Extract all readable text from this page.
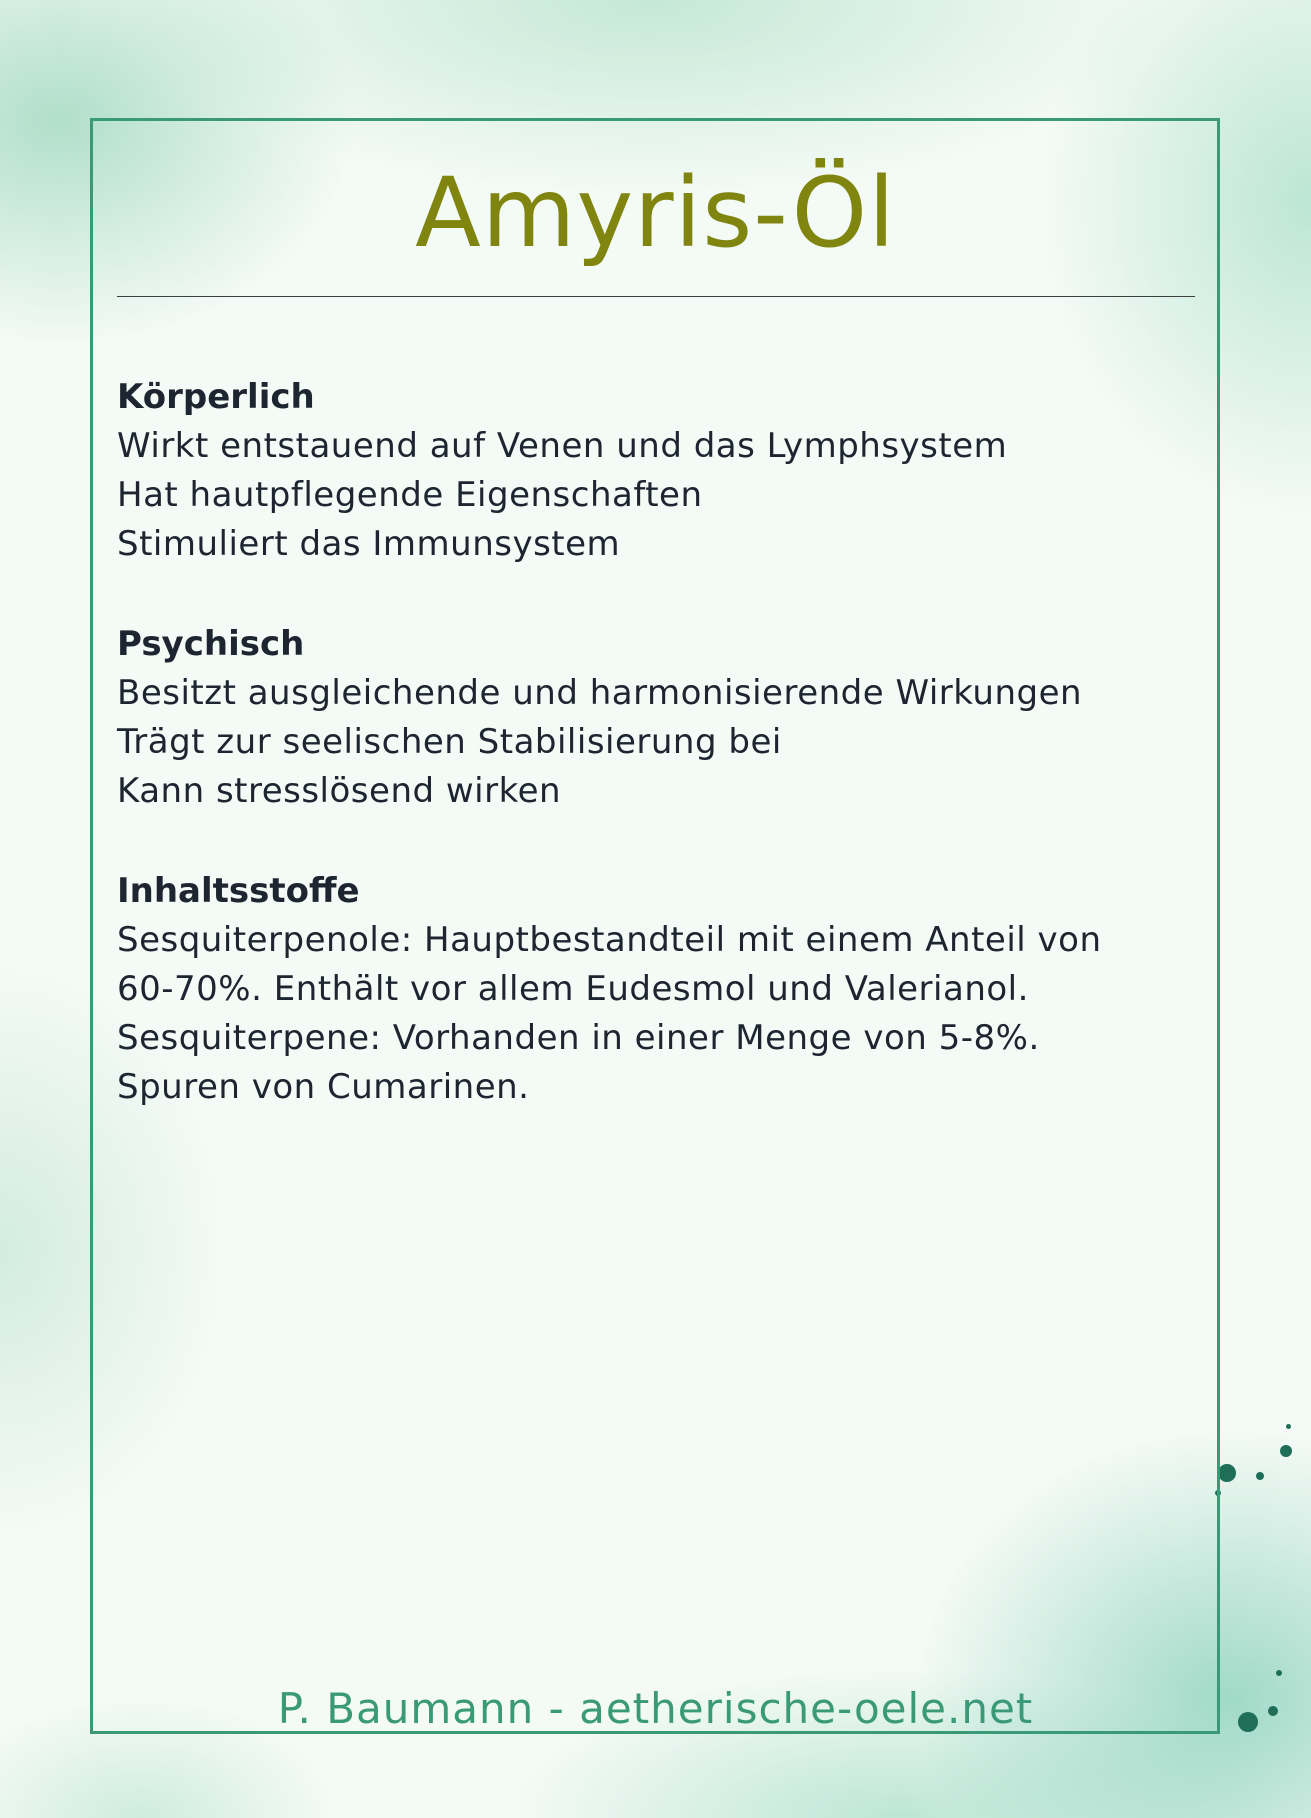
Amyris-Öl
Körperlich

Wirkt entstauend auf Venen und das Lymphsystem

Hat hautpflegende Eigenschaften

Stimuliert das Immunsystem

Psychisch

Besitzt ausgleichende und harmonisierende Wirkungen

Trägt zur seelischen Stabilisierung bei

Kann stresslösend wirken

Inhaltsstoffe

Sesquiterpenole: Hauptbestandteil mit einem Anteil von

60-70%. Enthält vor allem Eudesmol und Valerianol.

Sesquiterpene: Vorhanden in einer Menge von 5-8%.

Spuren von Cumarinen.

P. Baumann - aetherische-oele.net
